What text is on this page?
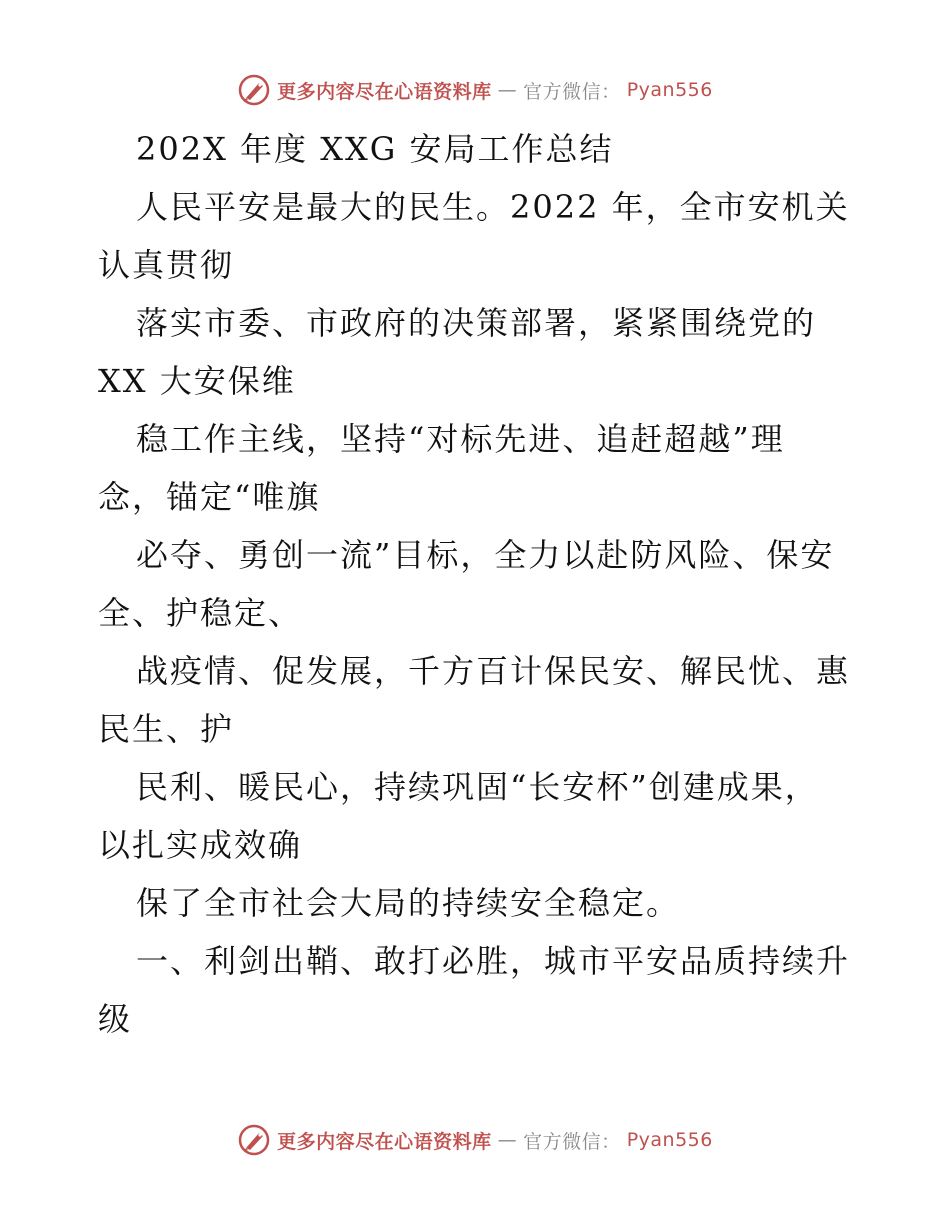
更多内容尽在心语资料库 — 官方微信： Pyan556
202X 年度 XXG 安局工作总结
人民平安是最大的民生。2022 年，全市安机关
认真贯彻
落实市委、市政府的决策部署，紧紧围绕党的
XX 大安保维
稳工作主线，坚持“对标先进、追赶超越”理
念，锚定“唯旗
必夺、勇创一流”目标，全力以赴防风险、保安
全、护稳定、
战疫情、促发展，千方百计保民安、解民忧、惠
民生、护
民利、暖民心，持续巩固“长安杯”创建成果，
以扎实成效确
保了全市社会大局的持续安全稳定。
一、利剑出鞘、敢打必胜，城市平安品质持续升
级
更多内容尽在心语资料库 — 官方微信： Pyan556
